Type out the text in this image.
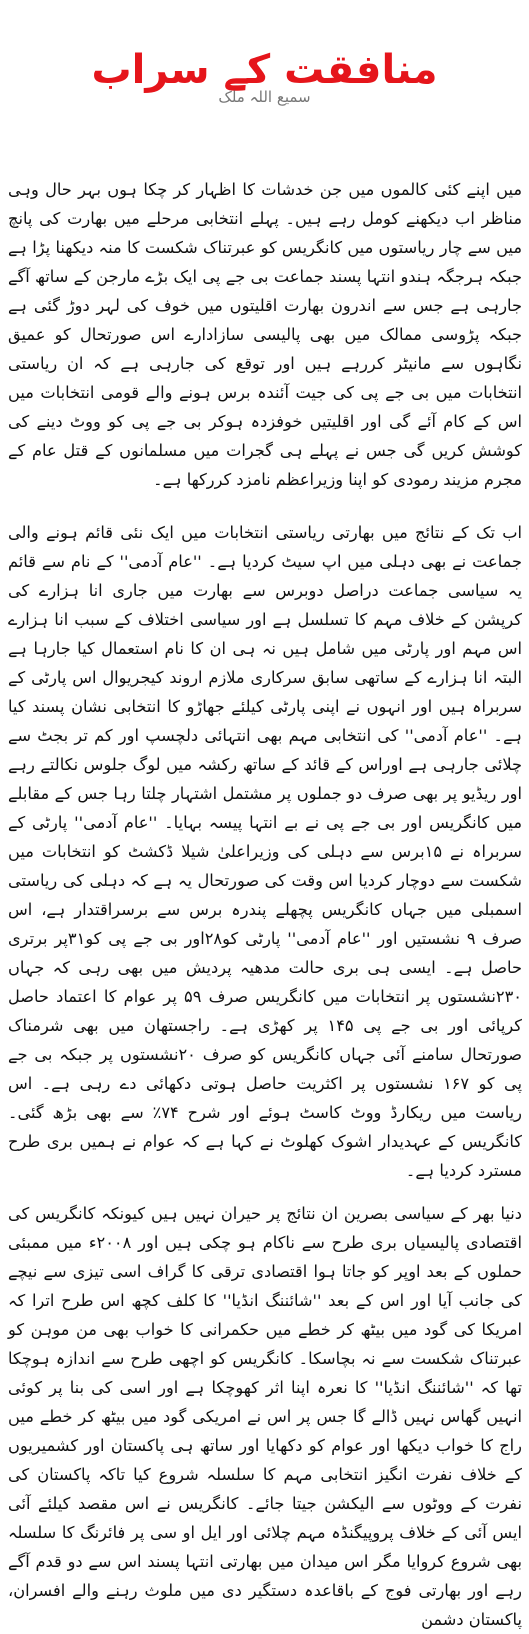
منافقت کے سراب
سمیع اللہ ملک

میں اپنے کئی کالموں میں جن خدشات کا اظہار کر چکا ہوں بہر حال وہی مناظر اب دیکھنے کومل رہے ہیں۔ پہلے انتخابی مرحلے میں بھارت کی پانچ میں سے چار ریاستوں میں کانگریس کو عبرتناک شکست کا منہ دیکھنا پڑا ہے جبکہ ہرجگہ ہندو انتہا پسند جماعت بی جے پی ایک بڑے مارجن کے ساتھ آگے جارہی ہے جس سے اندرون بھارت اقلیتوں میں خوف کی لہر دوڑ گئی ہے جبکہ پڑوسی ممالک میں بھی پالیسی سازادارے اس صورتحال کو عمیق نگاہوں سے مانیٹر کررہے ہیں اور توقع کی جارہی ہے کہ ان ریاستی انتخابات میں بی جے پی کی جیت آئندہ برس ہونے والے قومی انتخابات میں اس کے کام آئے گی اور اقلیتیں خوفزدہ ہوکر بی جے پی کو ووٹ دینے کی کوشش کریں گی جس نے پہلے ہی گجرات میں مسلمانوں کے قتل عام کے مجرم مزیند رمودی کو اپنا وزیراعظم نامزد کررکھا ہے۔

اب تک کے نتائج میں بھارتی ریاستی انتخابات میں ایک نئی قائم ہونے والی جماعت نے بھی دہلی میں اپ سیٹ کردیا ہے۔ ''عام آدمی'' کے نام سے قائم یہ سیاسی جماعت دراصل دوبرس سے بھارت میں جاری انا ہزارے کی کرپشن کے خلاف مہم کا تسلسل ہے اور سیاسی اختلاف کے سبب انا ہزارے اس مہم اور پارٹی میں شامل ہیں نہ ہی ان کا نام استعمال کیا جارہا ہے البتہ انا ہزارے کے ساتھی سابق سرکاری ملازم اروند کیجریوال اس پارٹی کے سربراہ ہیں اور انہوں نے اپنی پارٹی کیلئے جھاڑو کا انتخابی نشان پسند کیا ہے۔ ''عام آدمی'' کی انتخابی مہم بھی انتہائی دلچسپ اور کم تر بجٹ سے چلائی جارہی ہے اوراس کے قائد کے ساتھ رکشہ میں لوگ جلوس نکالتے رہے اور ریڈیو پر بھی صرف دو جملوں پر مشتمل اشتہار چلتا رہا جس کے مقابلے میں کانگریس اور بی جے پی نے بے انتہا پیسہ بہایا۔ ''عام آدمی'' پارٹی کے سربراہ نے ۱۵برس سے دہلی کی وزیراعلیٰ شیلا ڈکشٹ کو انتخابات میں شکست سے دوچار کردیا اس وقت کی صورتحال یہ ہے کہ دہلی کی ریاستی اسمبلی میں جہاں کانگریس پچھلے پندرہ برس سے برسراقتدار ہے، اس صرف ۹ نشستیں اور ''عام آدمی'' پارٹی کو۲۸اور بی جے پی کو۳۱پر برتری حاصل ہے۔ ایسی ہی بری حالت مدھیہ پردیش میں بھی رہی کہ جہاں ۲۳۰نشستوں پر انتخابات میں کانگریس صرف ۵۹ پر عوام کا اعتماد حاصل کرپائی اور بی جے پی ۱۴۵ پر کھڑی ہے۔ راجستھان میں بھی شرمناک صورتحال سامنے آئی جہاں کانگریس کو صرف ۲۰نشستوں پر جبکہ بی جے پی کو ۱۶۷ نشستوں پر اکثریت حاصل ہوتی دکھائی دے رہی ہے۔ اس ریاست میں ریکارڈ ووٹ کاسٹ ہوئے اور شرح ۷۴٪ سے بھی بڑھ گئی۔ کانگریس کے عہدیدار اشوک کھلوٹ نے کہا ہے کہ عوام نے ہمیں بری طرح مسترد کردیا ہے۔

دنیا بھر کے سیاسی بصرین ان نتائج پر حیران نہیں ہیں کیونکہ کانگریس کی اقتصادی پالیسیاں بری طرح سے ناکام ہو چکی ہیں اور ۲۰۰۸ء میں ممبئی حملوں کے بعد اوپر کو جاتا ہوا اقتصادی ترقی کا گراف اسی تیزی سے نیچے کی جانب آیا اور اس کے بعد ''شائننگ انڈیا'' کا کلف کچھ اس طرح اترا کہ امریکا کی گود میں بیٹھ کر خطے میں حکمرانی کا خواب بھی من موہن کو عبرتناک شکست سے نہ بچاسکا۔ کانگریس کو اچھی طرح سے اندازہ ہوچکا تھا کہ ''شائننگ انڈیا'' کا نعرہ اپنا اثر کھوچکا ہے اور اسی کی بنا پر کوئی انہیں گھاس نہیں ڈالے گا جس پر اس نے امریکی گود میں بیٹھ کر خطے میں راج کا خواب دیکھا اور عوام کو دکھایا اور ساتھ ہی پاکستان اور کشمیریوں کے خلاف نفرت انگیز انتخابی مہم کا سلسلہ شروع کیا تاکہ پاکستان کی نفرت کے ووٹوں سے الیکشن جیتا جائے۔ کانگریس نے اس مقصد کیلئے آئی ایس آئی کے خلاف پروپیگنڈہ مہم چلائی اور ایل او سی پر فائرنگ کا سلسلہ بھی شروع کروایا مگر اس میدان میں بھارتی انتہا پسند اس سے دو قدم آگے رہے اور بھارتی فوج کے باقاعدہ دستگیر دی میں ملوث رہنے والے افسران، پاکستان دشمن
